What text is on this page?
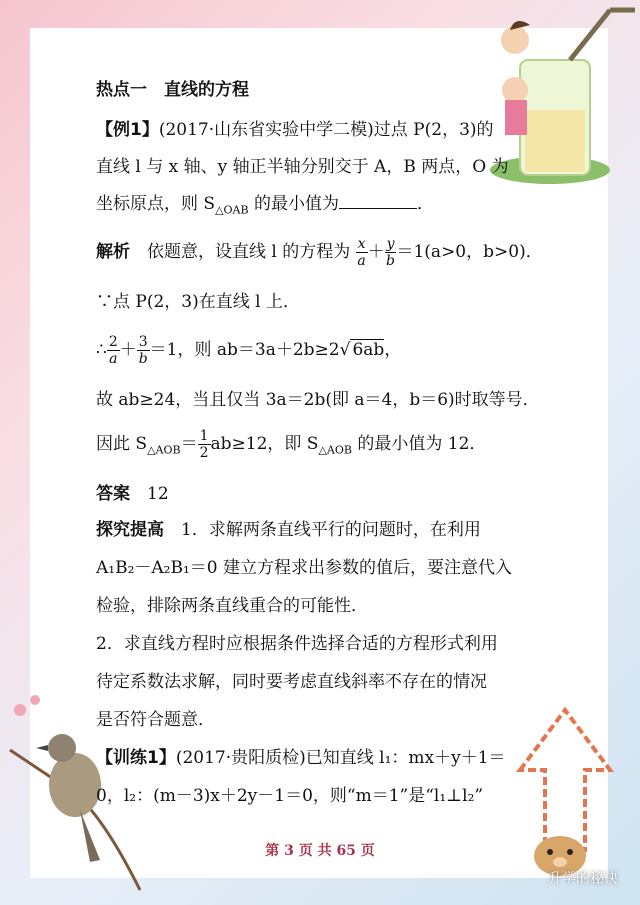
热点一　直线的方程
【例1】(2017·山东省实验中学二模)过点 P(2，3)的
直线 l 与 x 轴、y 轴正半轴分别交于 A，B 两点，O 为
坐标原点，则 $S_{\triangle OAB}$ 的最小值为	．
解析　依题意，设直线 l 的方程为 $\frac{x}{a} + \frac{y}{b} =1(a>0$，b>0)．
∵点 P(2，3)在直线 l 上．
∴ $\frac{2}{a} + \frac{3}{b} =1$，则 ab＝3a＋2b≥2√ 6ab，
故 ab≥24，当且仅当 3a＝2b(即 a＝4，b＝6)时取等号．
因此 $S_{\triangle AOB}= \frac{1}{2} ab\ge 12$，即 $S_{\triangle AOB}$ 的最小值为 12．
答案　 12
探究提高　1．求解两条直线平行的问题时，在利用
A₁B₂－A₂B₁＝0 建立方程求出参数的值后，要注意代入
检验，排除两条直线重合的可能性．
2．求直线方程时应根据条件选择合适的方程形式利用
待定系数法求解，同时要考虑直线斜率不存在的情况
是否符合题意．
【训练1】(2017·贵阳质检)已知直线 l₁：mx＋y＋1＝
0，l₂：(m－3)x＋2y－1＝0，则“m＝1”是“l₁⊥l₂”
第 3 页 共 65 页
升学的秘诀
